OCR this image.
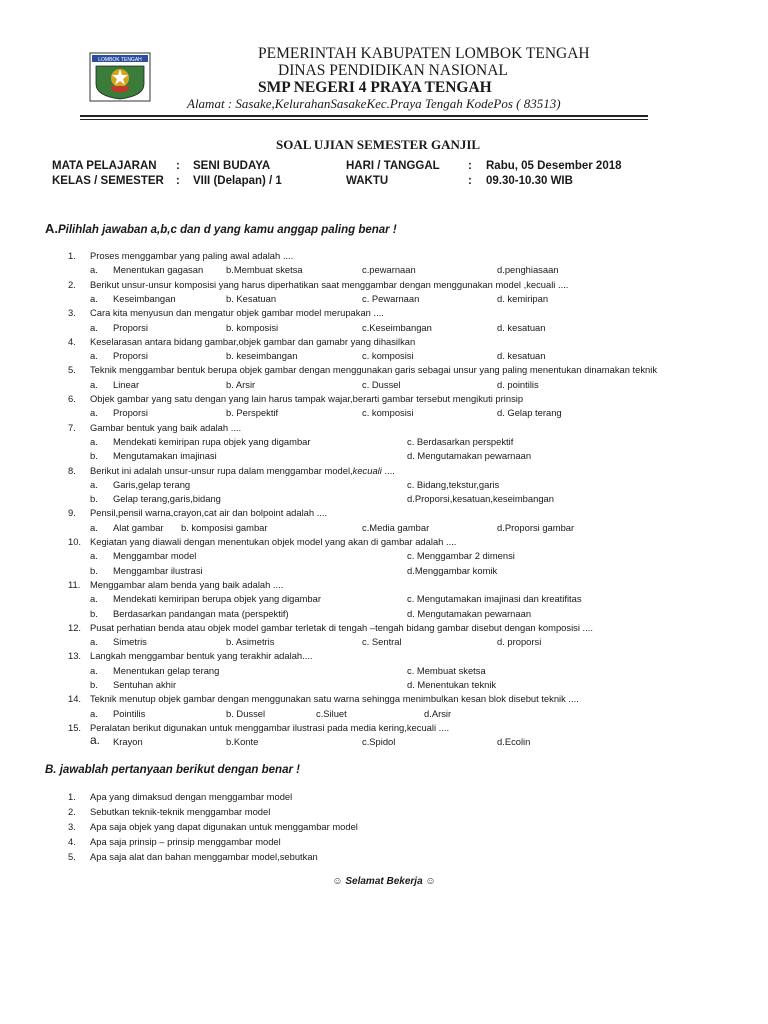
LOMBOK TENGAH	PEMERINTAH KABUPATEN LOMBOK TENGAH
DINAS PENDIDIKAN NASIONAL
SMP NEGERI 4 PRAYA TENGAH
Alamat : Sasake,KelurahanSasakeKec.Praya Tengah KodePos ( 83513)
SOAL UJIAN SEMESTER GANJIL
MATA PELAJARAN : SENI BUDAYA	HARI / TANGGAL : Rabu, 05 Desember 2018
KELAS / SEMESTER : VIII (Delapan) / 1	WAKTU	: 09.30-10.30 WIB
A.Pilihlah jawaban a,b,c dan d yang kamu anggap paling benar !
1. Proses menggambar yang paling awal adalah ....
a. Menentukan gagasan b.Membuat sketsa	c.pewarnaan	d.penghiasaan
2. Berikut unsur-unsur komposisi yang harus diperhatikan saat menggambar dengan menggunakan model ,kecuali ....
a. Keseimbangan	b. Kesatuan	c. Pewarnaan	d. kemiripan
3. Cara kita menyusun dan mengatur objek gambar model merupakan ....
a. Proporsi	b. komposisi	c.Keseimbangan	d. kesatuan
4. Keselarasan antara bidang gambar,objek gambar dan gamabr yang dihasilkan
a. Proporsi	b. keseimbangan	c. komposisi	d. kesatuan
5. Teknik menggambar bentuk berupa objek gambar dengan menggunakan garis sebagai unsur yang paling menentukan dinamakan teknik
a. Linear	b. Arsir	c. Dussel	d. pointilis
6. Objek gambar yang satu dengan yang lain harus tampak wajar,berarti gambar tersebut mengikuti prinsip
a. Proporsi	b. Perspektif	c. komposisi	d. Gelap terang
7. Gambar bentuk yang baik adalah ....
a. Mendekati kemiripan rupa objek yang digambar	c. Berdasarkan perspektif
b. Mengutamakan imajinasi	d. Mengutamakan pewarnaan
8. Berikut ini adalah unsur-unsur rupa dalam menggambar model,kecuali ....
a. Garis,gelap terang	c. Bidang,tekstur,garis
b. Gelap terang,garis,bidang	d.Proporsi,kesatuan,keseimbangan
9. Pensil,pensil warna,crayon,cat air dan bolpoint adalah ....
a. Alat gambar b. komposisi gambar	c.Media gambar	d.Proporsi gambar
10. Kegiatan yang diawali dengan menentukan objek model yang akan di gambar adalah ....
a. Menggambar model	c. Menggambar 2 dimensi
b. Menggambar ilustrasi	d.Menggambar komik
11. Menggambar alam benda yang baik adalah ....
a. Mendekati kemiripan berupa objek yang digambar	c. Mengutamakan imajinasi dan kreatifitas
b. Berdasarkan pandangan mata (perspektif)	d. Mengutamakan pewarnaan
12. Pusat perhatian benda atau objek model gambar terletak di tengah –tengah bidang gambar disebut dengan komposisi ....
a. Simetris	b. Asimetris	c. Sentral	d. proporsi
13. Langkah menggambar bentuk yang terakhir adalah....
a. Menentukan gelap terang	c. Membuat sketsa
b. Sentuhan akhir	d. Menentukan teknik
14. Teknik menutup objek gambar dengan menggunakan satu warna sehingga menimbulkan kesan blok disebut teknik ....
a. Pointilis	b. Dussel	c.Siluet	d.Arsir
15. Peralatan berikut digunakan untuk menggambar ilustrasi pada media kering,kecuali ....
a. Krayon	b.Konte	c.Spidol	d.Ecolin
B. jawablah pertanyaan berikut dengan benar !
1. Apa yang dimaksud dengan menggambar model
2. Sebutkan teknik-teknik menggambar model
3. Apa saja objek yang dapat digunakan untuk menggambar model
4. Apa saja prinsip – prinsip menggambar model
5. Apa saja alat dan bahan menggambar model,sebutkan
☺ Selamat Bekerja ☺
